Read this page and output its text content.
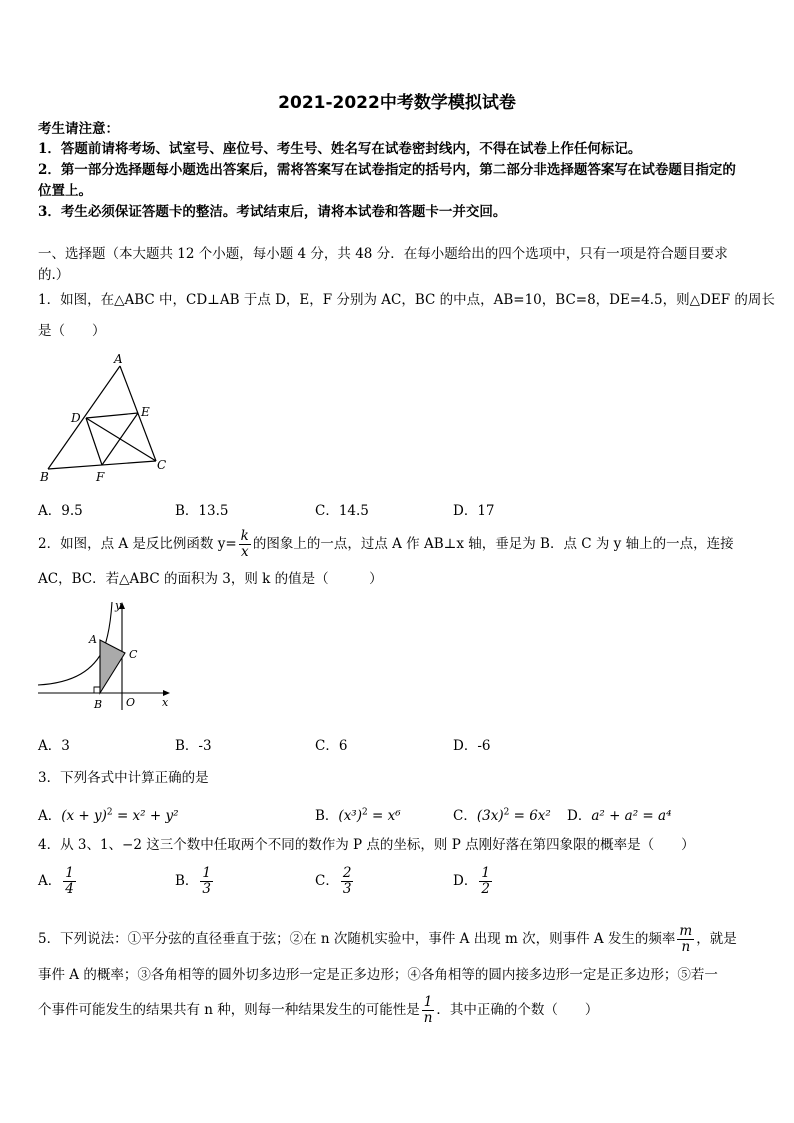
2021-2022中考数学模拟试卷
考生请注意：
1．答题前请将考场、试室号、座位号、考生号、姓名写在试卷密封线内，不得在试卷上作任何标记。
2．第一部分选择题每小题选出答案后，需将答案写在试卷指定的括号内，第二部分非选择题答案写在试卷题目指定的
位置上。
3．考生必须保证答题卡的整洁。考试结束后，请将本试卷和答题卡一并交回。
一、选择题（本大题共 12 个小题，每小题 4 分，共 48 分．在每小题给出的四个选项中，只有一项是符合题目要求
的.）
1．如图，在△ABC 中，CD⊥AB 于点 D，E，F 分别为 AC，BC 的中点，AB=10，BC=8，DE=4.5，则△DEF 的周长
是（　　）
A
B
C
D	E
F
A．9.5	B．13.5	C．14.5	D．17
2．如图，点 A 是反比例函数 $y= \frac{k}{x}$ 的图象上的一点，过点 A 作 AB⊥x 轴，垂足为 B．点 C 为 y 轴上的一点，连接
AC，BC．若△ABC 的面积为 3，则 k 的值是（　　　）
y
A
C
B O x
A．3	B．-3	C．6	D．-6
3．下列各式中计算正确的是
A．$(x + y)^2 = x^2 + y^2$	B．$(x^3)^2 = x^6$	C．$(3x)^2 = 6x^2$ D．a² + a² = a⁴
4．从 3、1、−2 这三个数中任取两个不同的数作为 P 点的坐标，则 P 点刚好落在第四象限的概率是（　　）
A． $\frac{1}{4}$	B． $\frac{1}{3}$	C． $\frac{2}{3}$	D． $\frac{1}{2}$
5．下列说法：①平分弦的直径垂直于弦；②在 n 次随机实验中，事件 A 出现 m 次，则事件 A 发生的频率 $\frac{m}{n}$ ，就是
事件 A 的概率；③各角相等的圆外切多边形一定是正多边形；④各角相等的圆内接多边形一定是正多边形；⑤若一
个事件可能发生的结果共有 n 种，则每一种结果发生的可能性是 $\frac{1}{n}$ ．其中正确的个数（　　）
